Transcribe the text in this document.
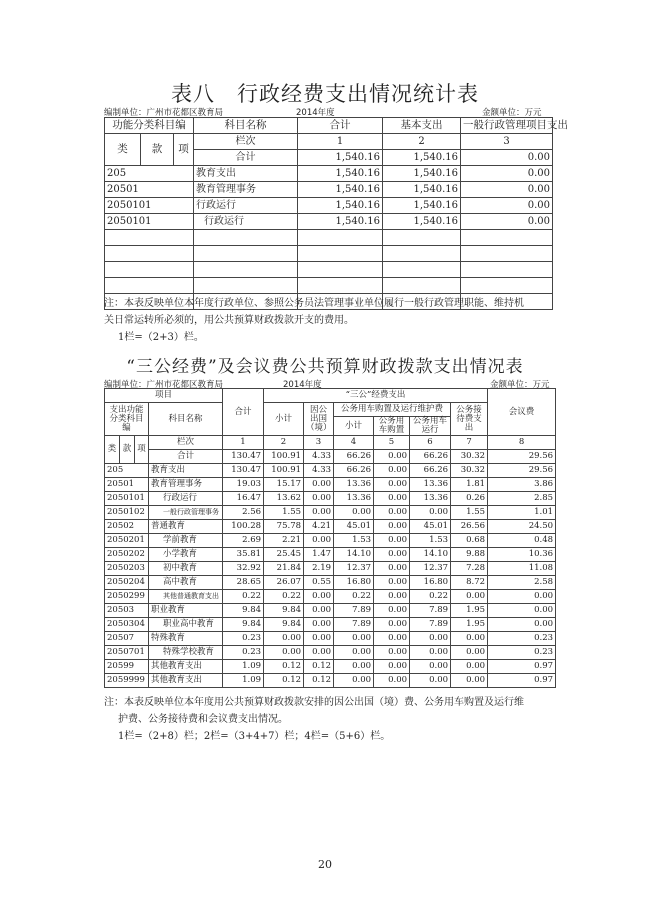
表八　行政经费支出情况统计表
编制单位：广州市花都区教育局	2014年度	金额单位：万元
功能分类科目编			科目名称	合计	基本支出	一般行政管理项目支出
类	款	项	栏次	1	2	3
			合计	1,540.16	1,540.16	0.00
205			教育支出	1,540.16	1,540.16	0.00
20501			教育管理事务	1,540.16	1,540.16	0.00
2050101			行政运行	1,540.16	1,540.16	0.00
2050101			行政运行	1,540.16	1,540.16	0.00

注：本表反映单位本年度行政单位、参照公务员法管理事业单位履行一般行政管理职能、维持机
关日常运转所必须的，用公共预算财政拨款开支的费用。
1栏=（2+3）栏。
“三公经费”及会议费公共预算财政拨款支出情况表
编制单位：广州市花都区教育局	2014年度	金额单位：万元
项目				合计	“三公”经费支出						会议费
支出功能分类科目编			科目名称		小计	因公出国（境）	公务用车购置及运行维护费			公务接待费支出	
							小计	公务用车购置	公务用车运行		
类	款	项	栏次	1	2	3	4	5	6	7	8
			合计	130.47	100.91	4.33	66.26	0.00	66.26	30.32	29.56
205			教育支出	130.47	100.91	4.33	66.26	0.00	66.26	30.32	29.56
20501			教育管理事务	19.03	15.17	0.00	13.36	0.00	13.36	1.81	3.86
2050101			行政运行	16.47	13.62	0.00	13.36	0.00	13.36	0.26	2.85
2050102			一般行政管理事务	2.56	1.55	0.00	0.00	0.00	0.00	1.55	1.01
20502			普通教育	100.28	75.78	4.21	45.01	0.00	45.01	26.56	24.50
2050201			学前教育	2.69	2.21	0.00	1.53	0.00	1.53	0.68	0.48
2050202			小学教育	35.81	25.45	1.47	14.10	0.00	14.10	9.88	10.36
2050203			初中教育	32.92	21.84	2.19	12.37	0.00	12.37	7.28	11.08
2050204			高中教育	28.65	26.07	0.55	16.80	0.00	16.80	8.72	2.58
2050299			其他普通教育支出	0.22	0.22	0.00	0.22	0.00	0.22	0.00	0.00
20503			职业教育	9.84	9.84	0.00	7.89	0.00	7.89	1.95	0.00
2050304			职业高中教育	9.84	9.84	0.00	7.89	0.00	7.89	1.95	0.00
20507			特殊教育	0.23	0.00	0.00	0.00	0.00	0.00	0.00	0.23
2050701			特殊学校教育	0.23	0.00	0.00	0.00	0.00	0.00	0.00	0.23
20599			其他教育支出	1.09	0.12	0.12	0.00	0.00	0.00	0.00	0.97
2059999			其他教育支出	1.09	0.12	0.12	0.00	0.00	0.00	0.00	0.97
注：本表反映单位本年度用公共预算财政拨款安排的因公出国（境）费、公务用车购置及运行维
护费、公务接待费和会议费支出情况。
1栏=（2+8）栏；2栏=（3+4+7）栏；4栏=（5+6）栏。
20
